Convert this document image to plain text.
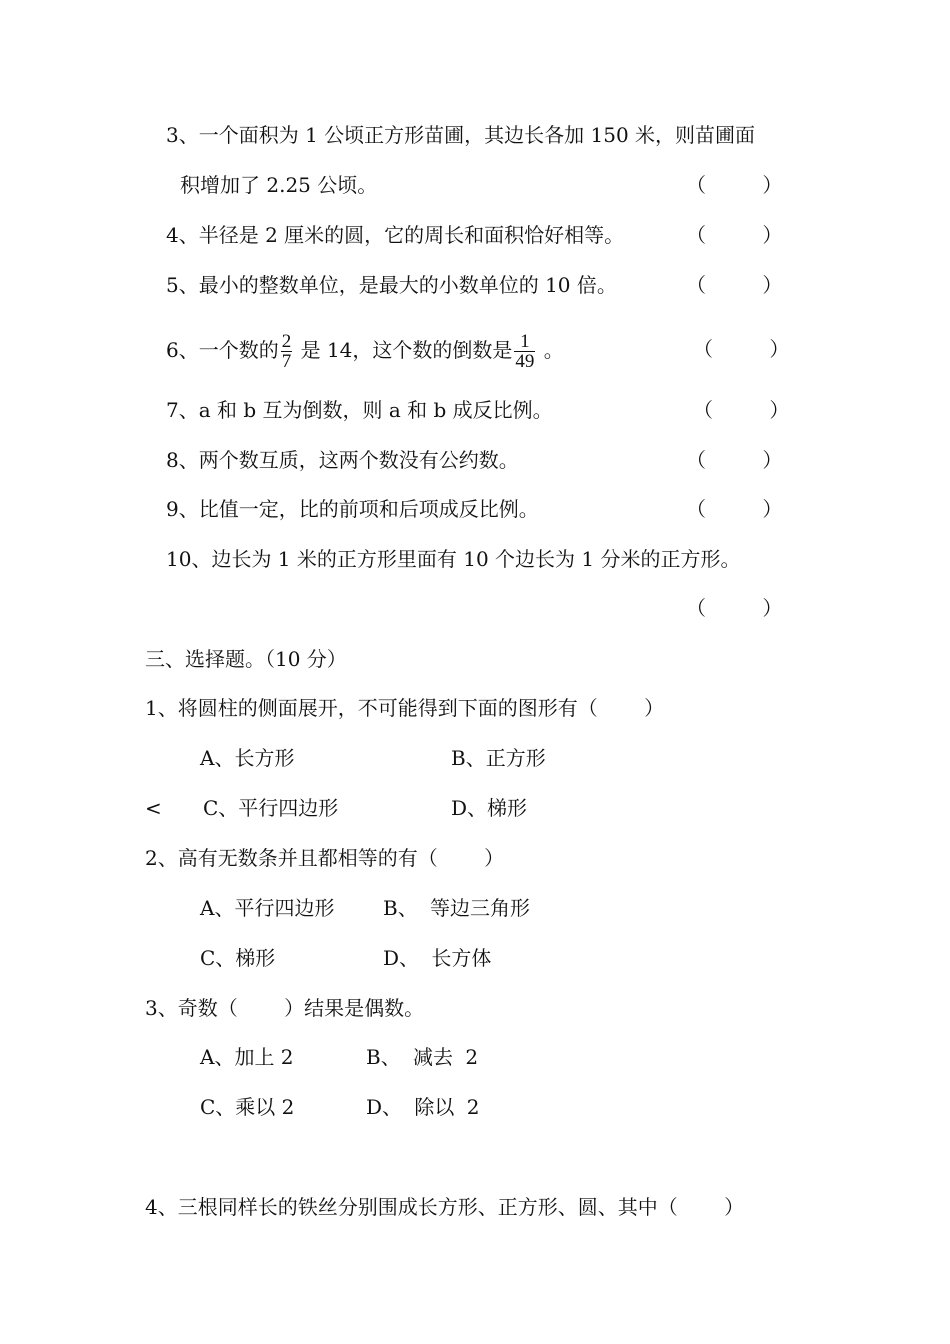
3、一个面积为 1 公顷正方形苗圃，其边长各加 150 米，则苗圃面
积增加了 2.25 公顷。	（ ）
4、半径是 2 厘米的圆，它的周长和面积恰好相等。	（ ）
5、最小的整数单位，是最大的小数单位的 10 倍。	（ ）
6、一个数的 $\frac{2}{7}$ 是 14，这个数的倒数是 $\frac{1}{49}$ 。	（ ）
7、a 和 b 互为倒数，则 a 和 b 成反比例。	（ ）
8、两个数互质，这两个数没有公约数。	（ ）
9、比值一定，比的前项和后项成反比例。	（ ）
10、边长为 1 米的正方形里面有 10 个边长为 1 分米的正方形。
（ ）
三、选择题。（10 分）
1、将圆柱的侧面展开，不可能得到下面的图形有（ ）
A、长方形	B、正方形
< C、平行四边形	D、梯形
2、高有无数条并且都相等的有（ ）
A、平行四边形 B、 等边三角形
C、梯形	D、 长方体
3、奇数（ ）结果是偶数。
A、加上 2	B、 减去 2
C、乘以 2	D、 除以 2
4、三根同样长的铁丝分别围成长方形、正方形、圆、其中（ ）
